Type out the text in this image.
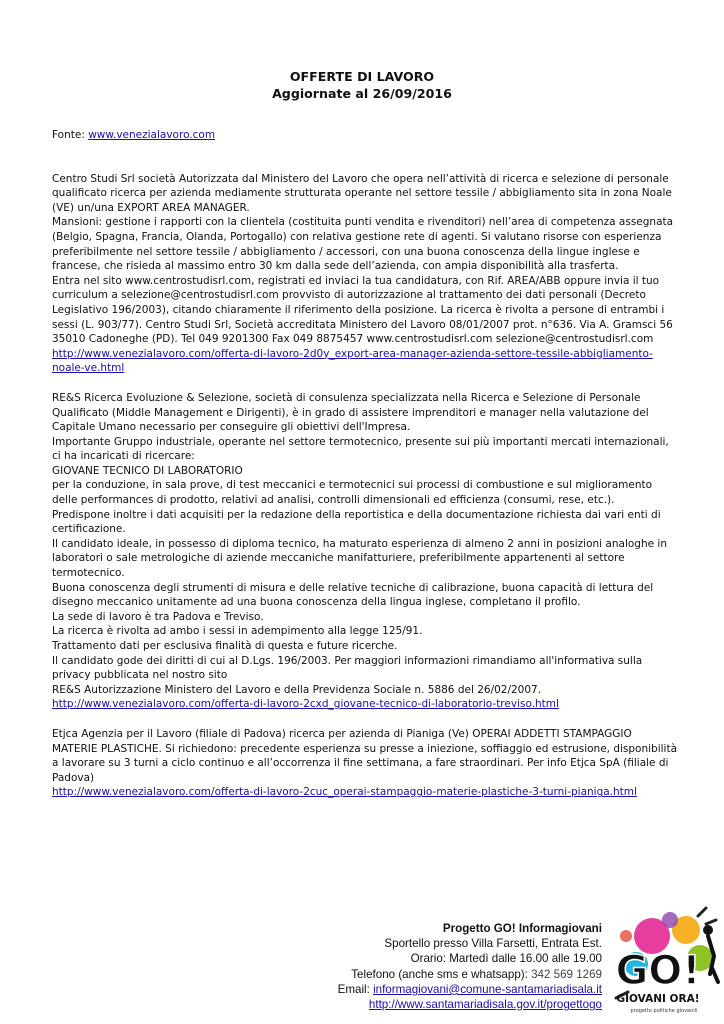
OFFERTE DI LAVORO
Aggiornate al 26/09/2016

Fonte: www.venezialavoro.com

Centro Studi Srl società Autorizzata dal Ministero del Lavoro che opera nell’attività di ricerca e selezione di personale qualificato ricerca per azienda mediamente strutturata operante nel settore tessile / abbigliamento sita in zona Noale (VE) un/una EXPORT AREA MANAGER.

Mansioni: gestione i rapporti con la clientela (costituita punti vendita e rivenditori) nell’area di competenza assegnata (Belgio, Spagna, Francia, Olanda, Portogallo) con relativa gestione rete di agenti. Si valutano risorse con esperienza preferibilmente nel settore tessile / abbigliamento / accessori, con una buona conoscenza della lingue inglese e francese, che risieda al massimo entro 30 km dalla sede dell’azienda, con ampia disponibilità alla trasferta.

Entra nel sito www.centrostudisrl.com, registrati ed inviaci la tua candidatura, con Rif. AREA/ABB oppure invia il tuo curriculum a selezione@centrostudisrl.com provvisto di autorizzazione al trattamento dei dati personali (Decreto Legislativo 196/2003), citando chiaramente il riferimento della posizione. La ricerca è rivolta a persone di entrambi i sessi (L. 903/77). Centro Studi Srl, Società accreditata Ministero del Lavoro 08/01/2007 prot. n°636. Via A. Gramsci 56 35010 Cadoneghe (PD). Tel 049 9201300 Fax 049 8875457 www.centrostudisrl.com selezione@centrostudisrl.com

http://www.venezialavoro.com/offerta-di-lavoro-2d0y_export-area-manager-azienda-settore-tessile-abbigliamento-noale-ve.html

RE&S Ricerca Evoluzione & Selezione, società di consulenza specializzata nella Ricerca e Selezione di Personale Qualificato (Middle Management e Dirigenti), è in grado di assistere imprenditori e manager nella valutazione del Capitale Umano necessario per conseguire gli obiettivi dell'Impresa.

Importante Gruppo industriale, operante nel settore termotecnico, presente sui più importanti mercati internazionali, ci ha incaricati di ricercare:

GIOVANE TECNICO DI LABORATORIO

per la conduzione, in sala prove, di test meccanici e termotecnici sui processi di combustione e sul miglioramento delle performances di prodotto, relativi ad analisi, controlli dimensionali ed efficienza (consumi, rese, etc.).

Predispone inoltre i dati acquisiti per la redazione della reportistica e della documentazione richiesta dai vari enti di certificazione.

Il candidato ideale, in possesso di diploma tecnico, ha maturato esperienza di almeno 2 anni in posizioni analoghe in laboratori o sale metrologiche di aziende meccaniche manifatturiere, preferibilmente appartenenti al settore termotecnico.

Buona conoscenza degli strumenti di misura e delle relative tecniche di calibrazione, buona capacità di lettura del disegno meccanico unitamente ad una buona conoscenza della lingua inglese, completano il profilo.

La sede di lavoro è tra Padova e Treviso.

La ricerca è rivolta ad ambo i sessi in adempimento alla legge 125/91.

Trattamento dati per esclusiva finalità di questa e future ricerche.

Il candidato gode dei diritti di cui al D.Lgs. 196/2003. Per maggiori informazioni rimandiamo all'informativa sulla privacy pubblicata nel nostro sito

RE&S Autorizzazione Ministero del Lavoro e della Previdenza Sociale n. 5886 del 26/02/2007.

http://www.venezialavoro.com/offerta-di-lavoro-2cxd_giovane-tecnico-di-laboratorio-treviso.html

Etjca Agenzia per il Lavoro (filiale di Padova) ricerca per azienda di Pianiga (Ve) OPERAI ADDETTI STAMPAGGIO MATERIE PLASTICHE. Si richiedono: precedente esperienza su presse a iniezione, soffiaggio ed estrusione, disponibilità a lavorare su 3 turni a ciclo continuo e all’occorrenza il fine settimana, a fare straordinari. Per info Etjca SpA (filiale di Padova)

http://www.venezialavoro.com/offerta-di-lavoro-2cuc_operai-stampaggio-materie-plastiche-3-turni-pianiga.html

Progetto GO! Informagiovani
Sportello presso Villa Farsetti, Entrata Est.
Orario: Martedì dalle 16.00 alle 19.00
Telefono (anche sms e whatsapp): 342 569 1269
Email: informagiovani@comune-santamariadisala.it
http://www.santamariadisala.gov.it/progettogo
GO!
GIOVANI ORA!
progetto politiche giovanili
